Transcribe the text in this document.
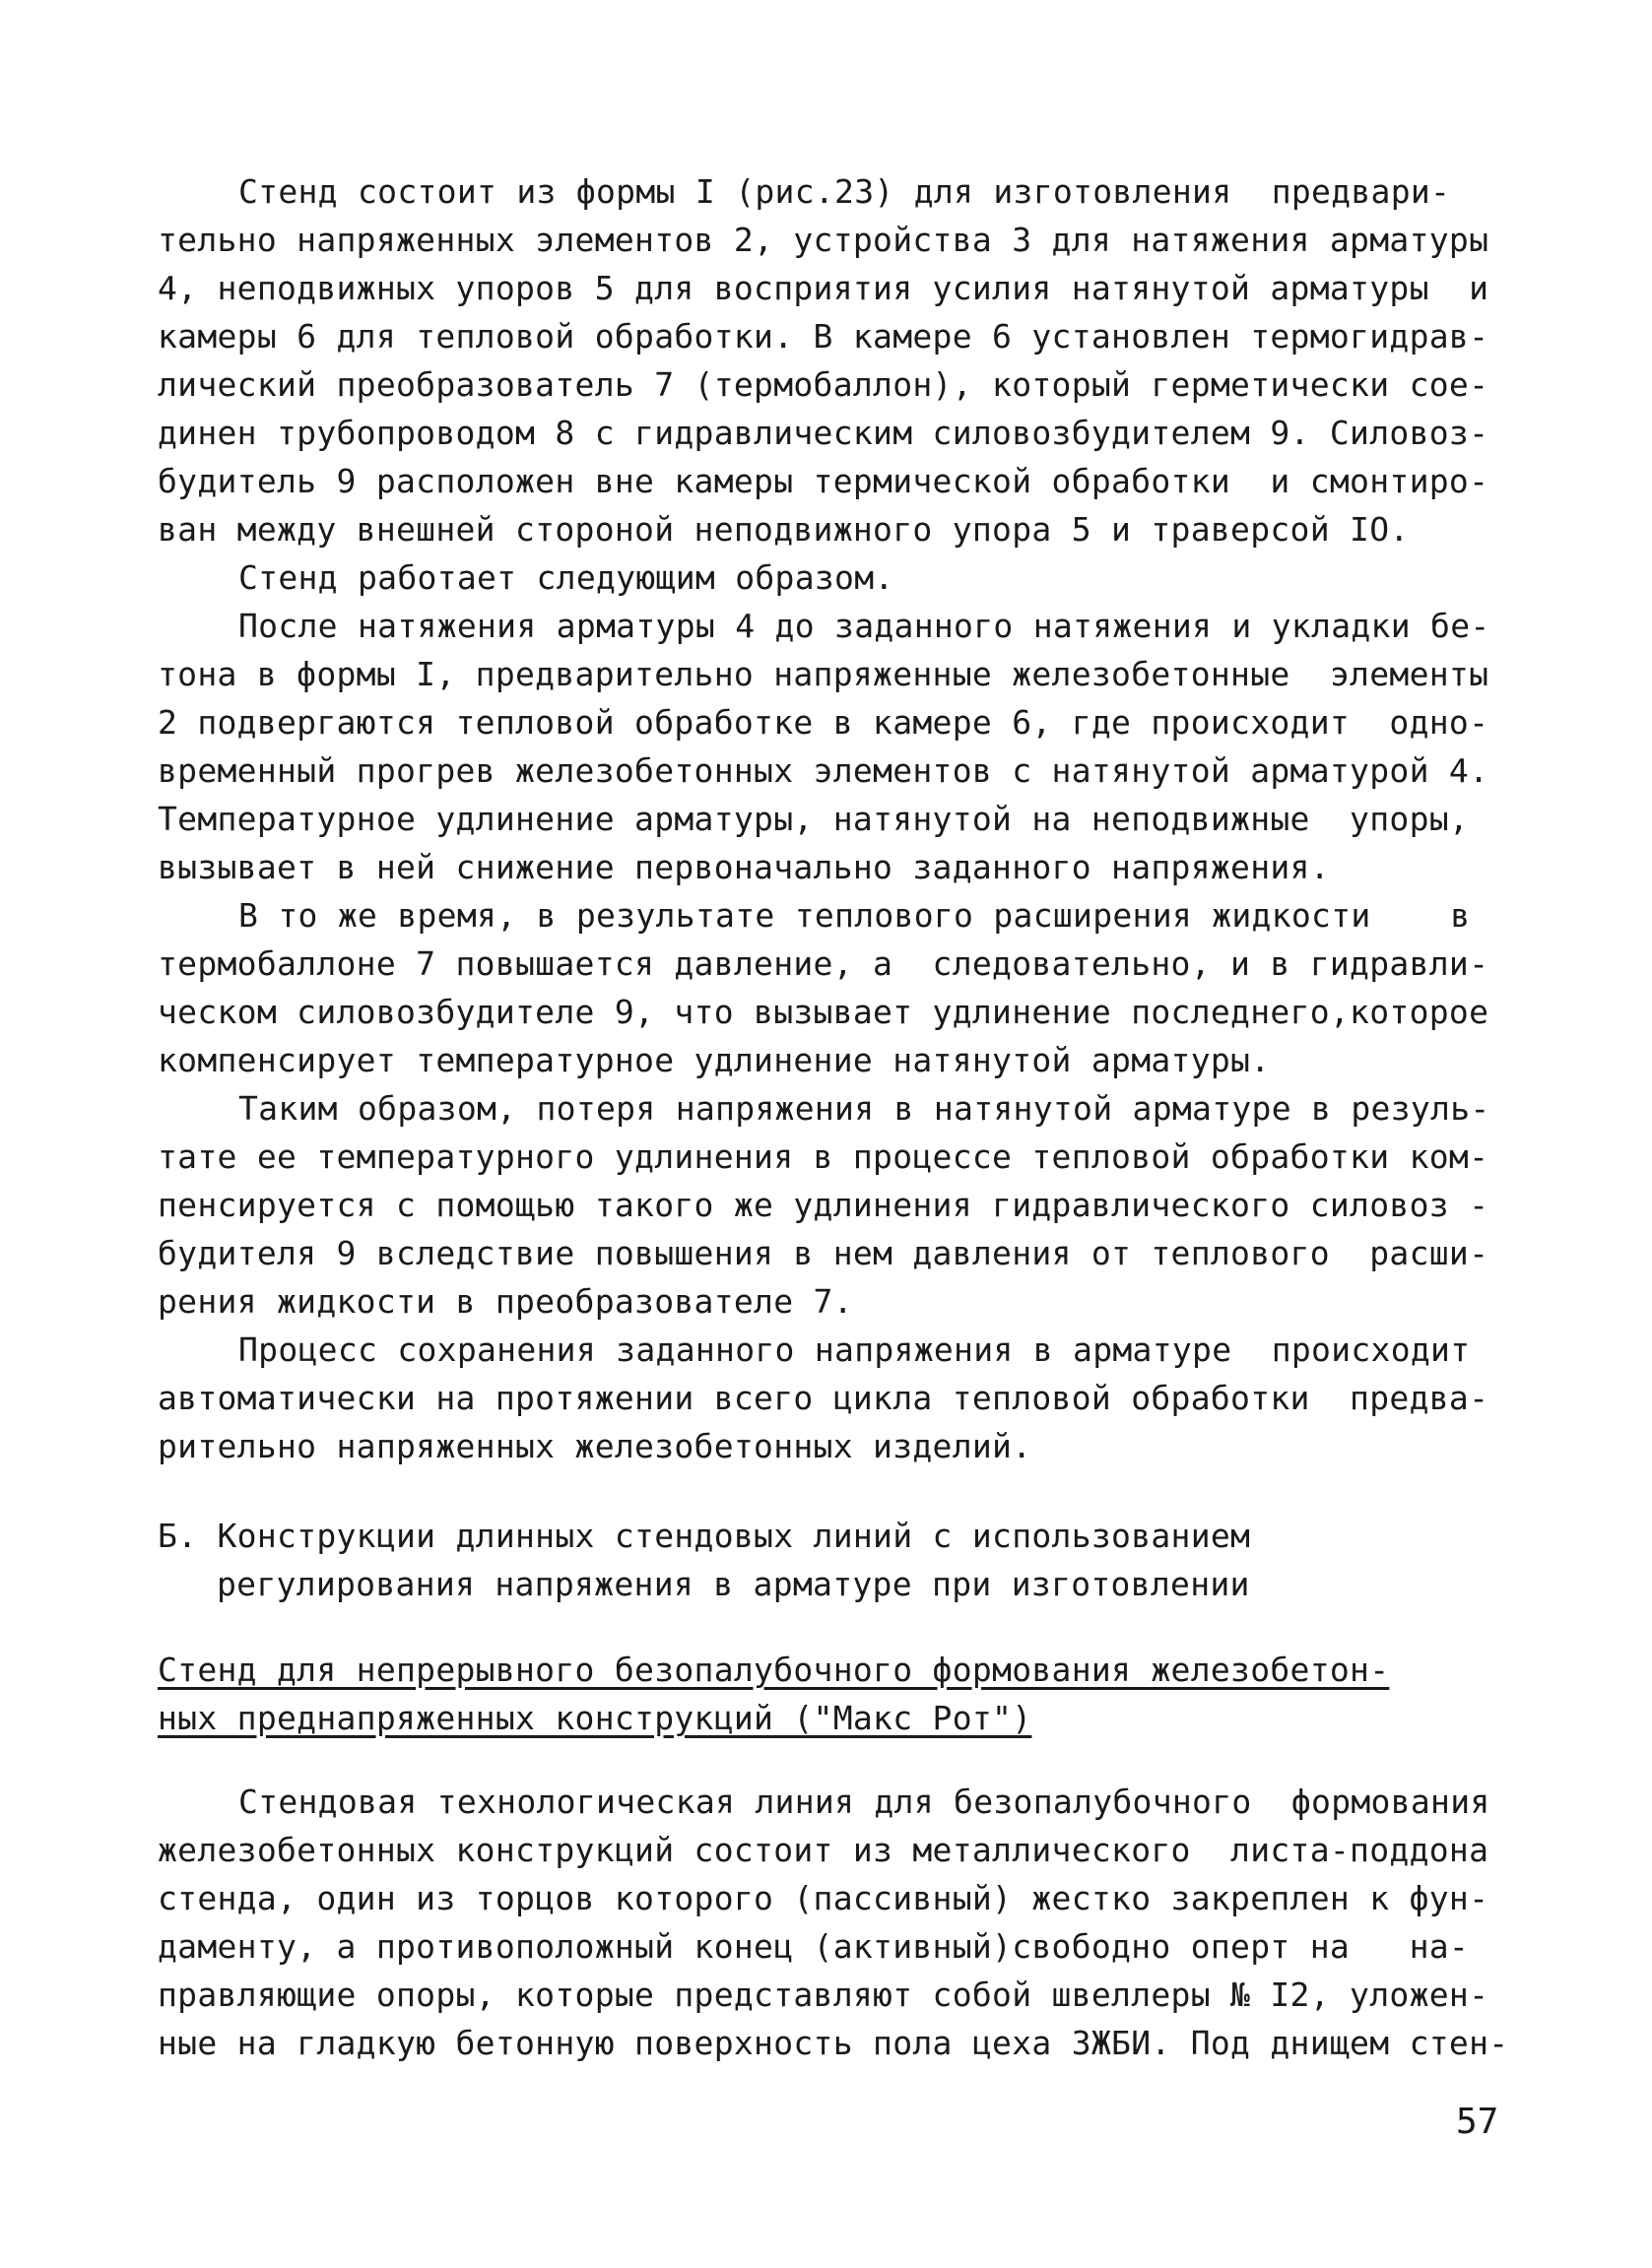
Стенд состоит из формы I (рис.23) для изготовления  предвари-
тельно напряженных элементов 2, устройства 3 для натяжения арматуры
4, неподвижных упоров 5 для восприятия усилия натянутой арматуры  и
камеры 6 для тепловой обработки. В камере 6 установлен термогидрав-
лический преобразователь 7 (термобаллон), который герметически сое-
динен трубопроводом 8 с гидравлическим силовозбудителем 9. Силовоз-
будитель 9 расположен вне камеры термической обработки  и смонтиро-
ван между внешней стороной неподвижного упора 5 и траверсой IO.
Стенд работает следующим образом.
После натяжения арматуры 4 до заданного натяжения и укладки бе-
тона в формы I, предварительно напряженные железобетонные  элементы
2 подвергаются тепловой обработке в камере 6, где происходит  одно-
временный прогрев железобетонных элементов с натянутой арматурой 4.
Температурное удлинение арматуры, натянутой на неподвижные  упоры,
вызывает в ней снижение первоначально заданного напряжения.
В то же время, в результате теплового расширения жидкости    в
термобаллоне 7 повышается давление, а  следовательно, и в гидравли-
ческом силовозбудителе 9, что вызывает удлинение последнего,которое
компенсирует температурное удлинение натянутой арматуры.
Таким образом, потеря напряжения в натянутой арматуре в резуль-
тате ее температурного удлинения в процессе тепловой обработки ком-
пенсируется с помощью такого же удлинения гидравлического силовоз -
будителя 9 вследствие повышения в нем давления от теплового  расши-
рения жидкости в преобразователе 7.
Процесс сохранения заданного напряжения в арматуре  происходит
автоматически на протяжении всего цикла тепловой обработки  предва-
рительно напряженных железобетонных изделий.
Б. Конструкции длинных стендовых линий с использованием
регулирования напряжения в арматуре при изготовлении
Стенд для непрерывного безопалубочного формования железобетон-
ных преднапряженных конструкций ("Макс Рот")
Стендовая технологическая линия для безопалубочного  формования
железобетонных конструкций состоит из металлического  листа-поддона
стенда, один из торцов которого (пассивный) жестко закреплен к фун-
даменту, а противоположный конец (активный)свободно оперт на   на-
правляющие опоры, которые представляют собой швеллеры № I2, уложен-
ные на гладкую бетонную поверхность пола цеха ЗЖБИ. Под днищем стен-
57
